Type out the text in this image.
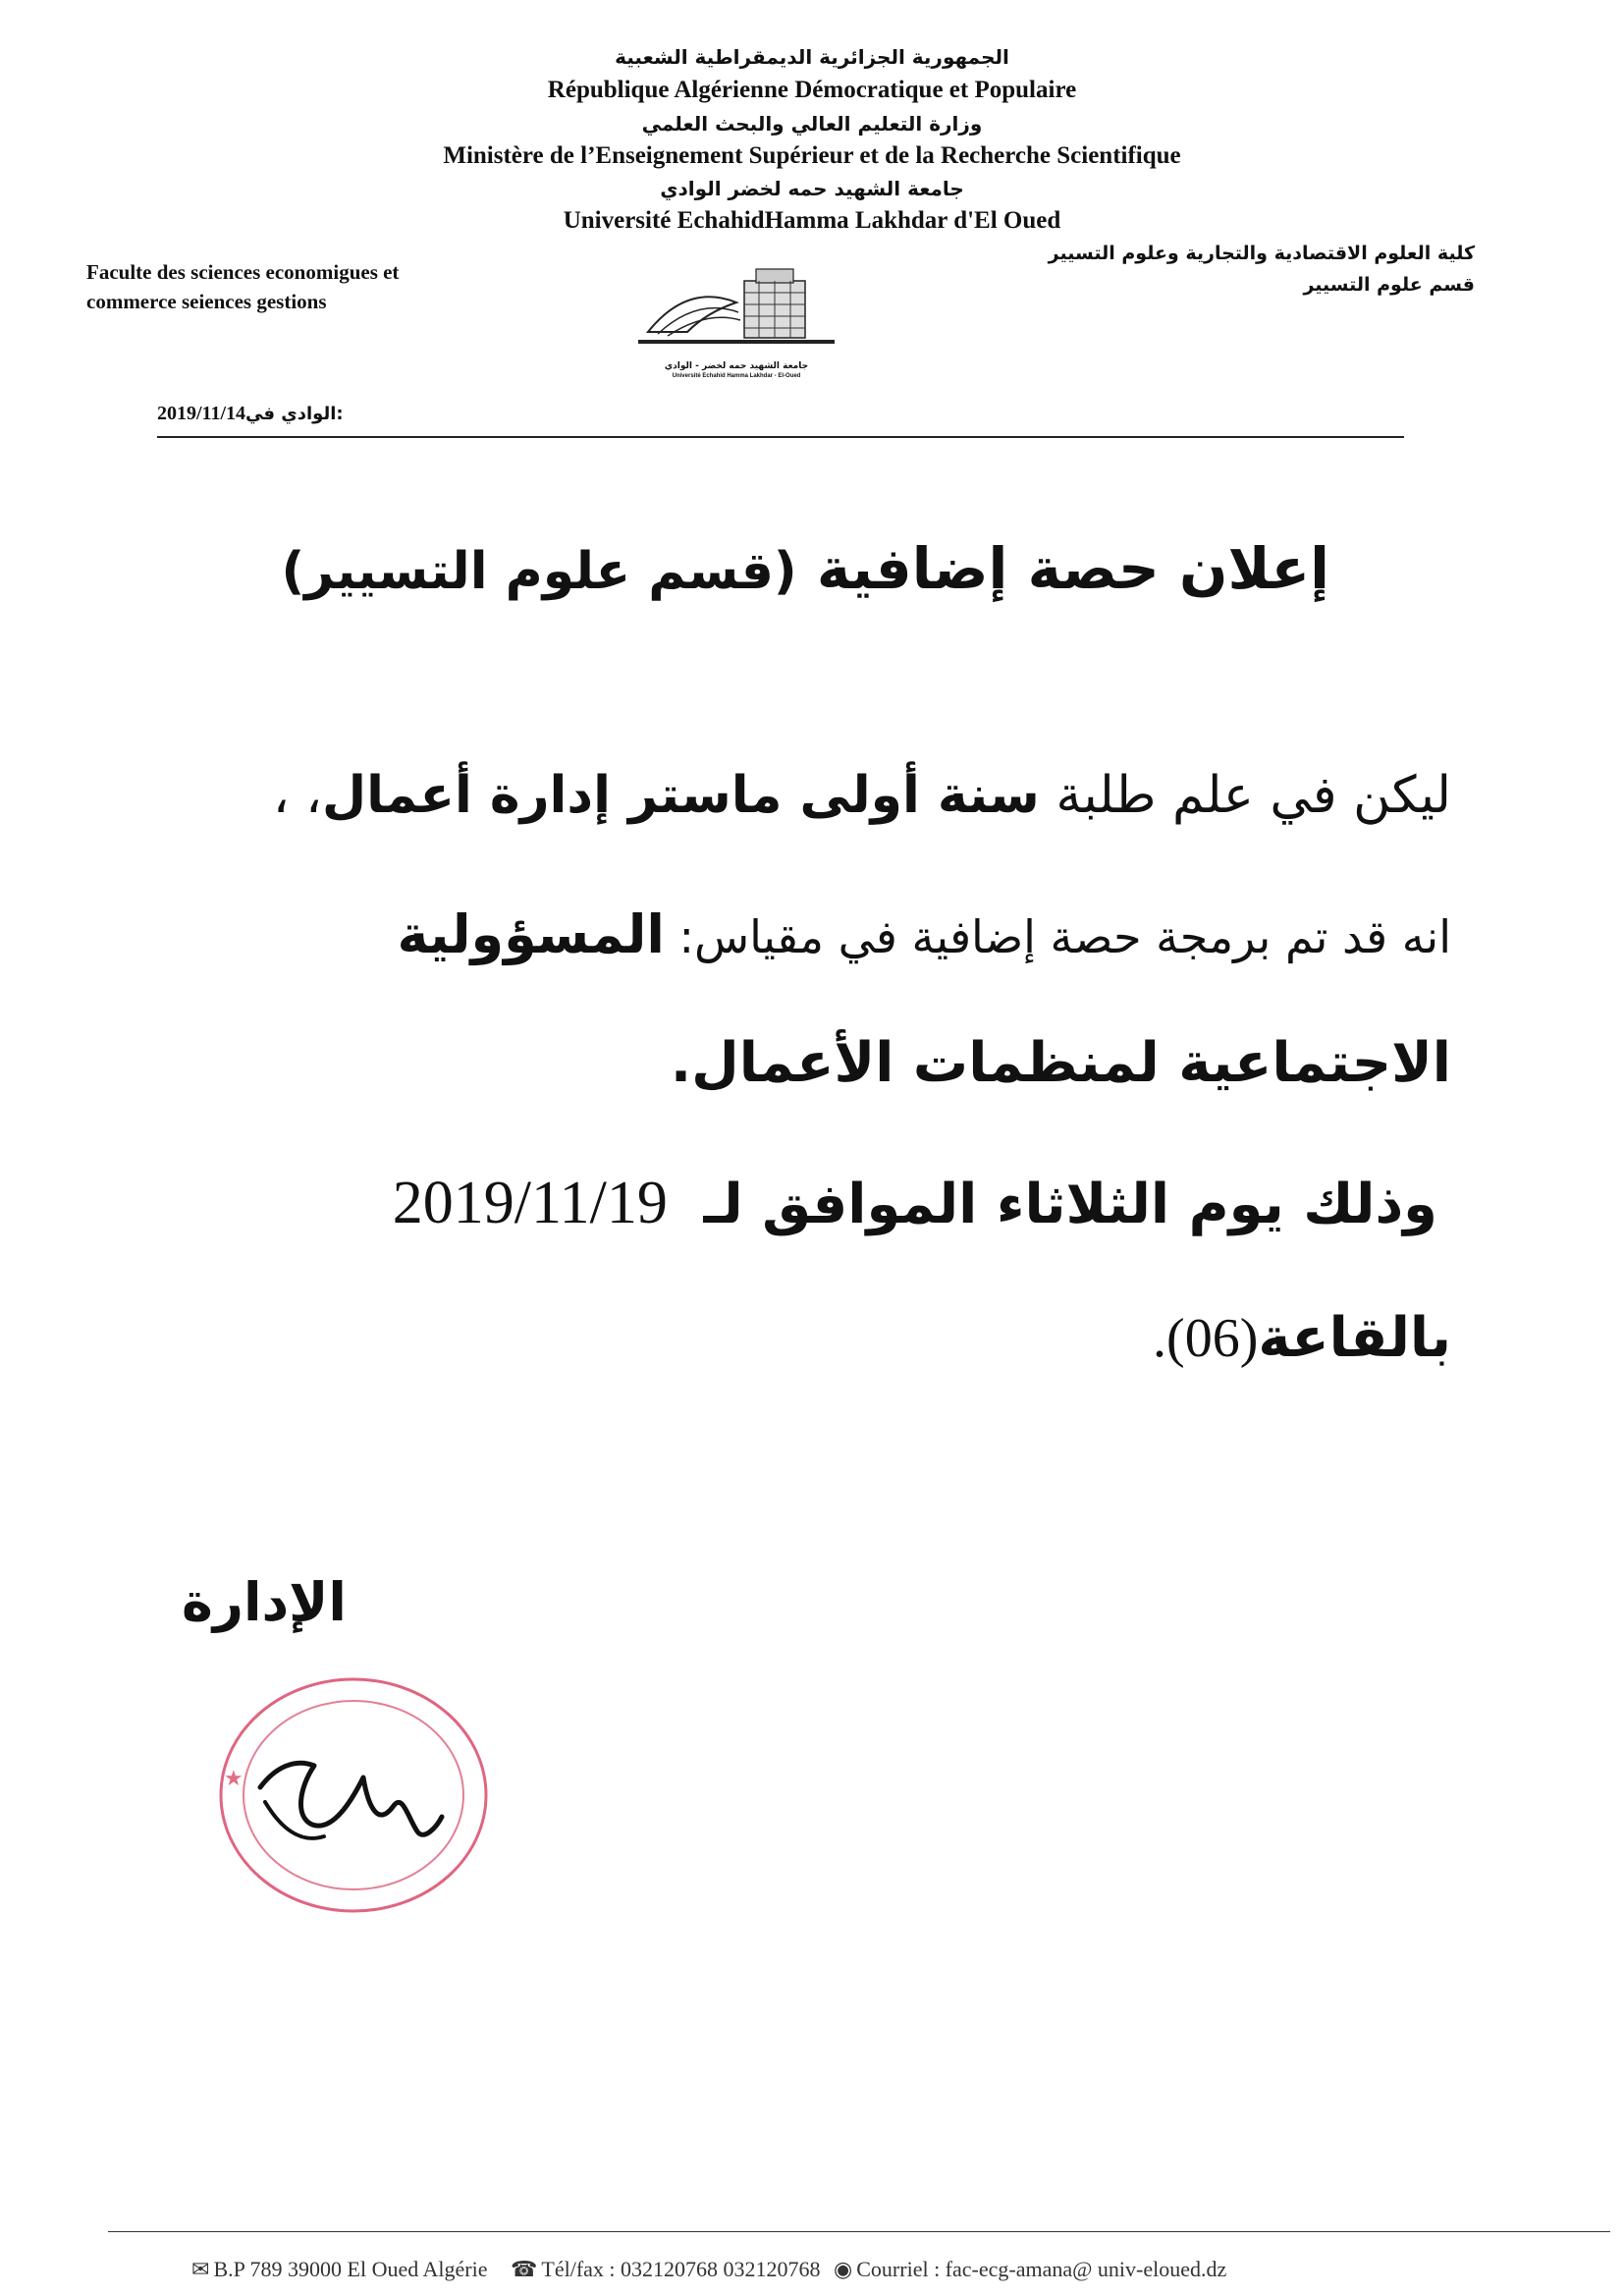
الجمهورية الجزائرية الديمقراطية الشعبية
République Algérienne Démocratique et Populaire
وزارة التعليم العالي والبحث العلمي
Ministère de l’Enseignement Supérieur et de la Recherche Scientifique
جامعة الشهيد حمه لخضر الوادي
Université EchahidHamma Lakhdar d'El Oued
Faculte des sciences economigues et
commerce seiences gestions
كلية العلوم الاقتصادية والتجارية وعلوم التسيير
قسم علوم التسيير
جامعة الشهيد حمه لخضر - الوادي
Université Echahid Hamma Lakhdar - El-Oued
2019/11/14الوادي في:
إعلان حصة إضافية (قسم علوم التسيير)
ليكن في علم طلبة سنة أولى ماستر إدارة أعمال، ،
انه قد تم برمجة حصة إضافية في مقياس: المسؤولية
الاجتماعية لمنظمات الأعمال.
وذلك يوم الثلاثاء الموافق لـ 2019/11/19
بالقاعة(06).
الإدارة
★
✉ B.P 789 39000 El Oued Algérie ☎ Tél/fax : 032120768 032120768 ◉ Courriel : fac-ecg-amana@ univ-eloued.dz
